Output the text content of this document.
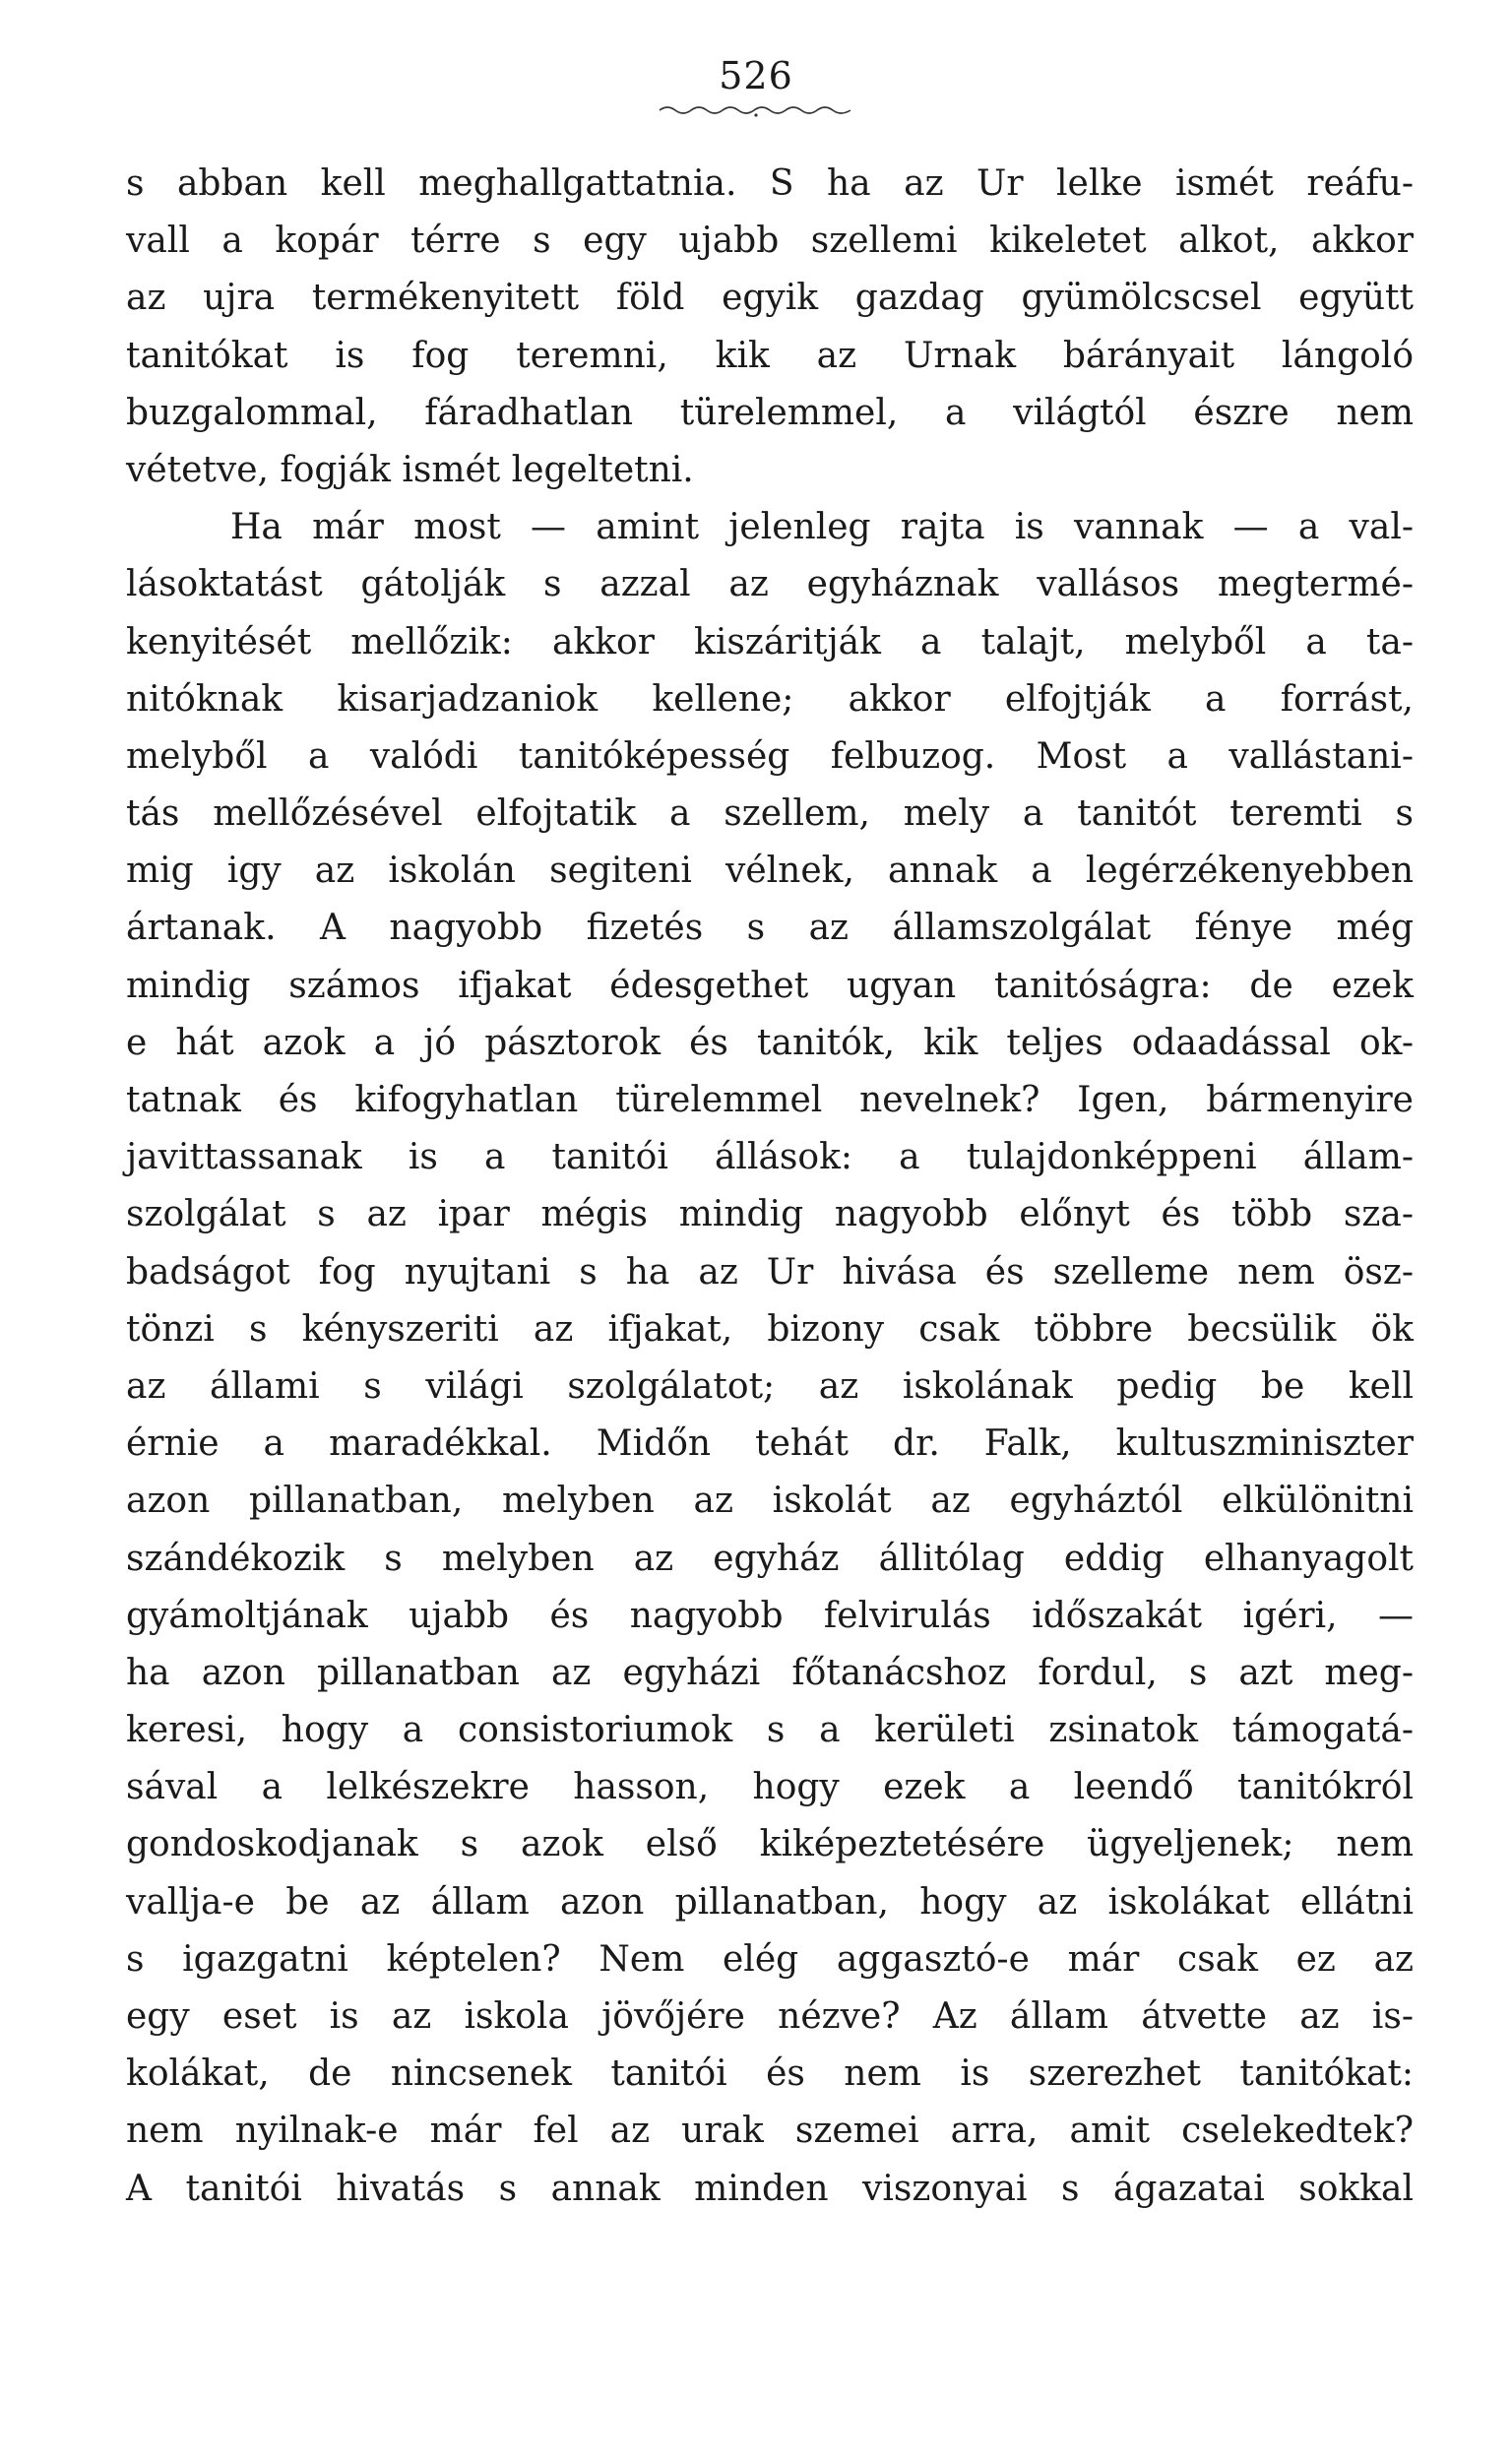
526
s abban kell meghallgattatnia. S ha az Ur lelke ismét reáfu-
vall a kopár térre s egy ujabb szellemi kikeletet alkot, akkor
az ujra termékenyitett föld egyik gazdag gyümölcscsel együtt
tanitókat is fog teremni, kik az Urnak bárányait lángoló
buzgalommal, fáradhatlan türelemmel, a világtól észre nem
vétetve, fogják ismét legeltetni.
Ha már most — amint jelenleg rajta is vannak — a val-
lásoktatást gátolják s azzal az egyháznak vallásos megtermé-
kenyitését mellőzik: akkor kiszáritják a talajt, melyből a ta-
nitóknak kisarjadzaniok kellene; akkor elfojtják a forrást,
melyből a valódi tanitóképesség felbuzog. Most a vallástani-
tás mellőzésével elfojtatik a szellem, mely a tanitót teremti s
mig igy az iskolán segiteni vélnek, annak a legérzékenyebben
ártanak. A nagyobb fizetés s az államszolgálat fénye még
mindig számos ifjakat édesgethet ugyan tanitóságra: de ezek
e hát azok a jó pásztorok és tanitók, kik teljes odaadással ok-
tatnak és kifogyhatlan türelemmel nevelnek? Igen, bármenyire
javittassanak is a tanitói állások: a tulajdonképpeni állam-
szolgálat s az ipar mégis mindig nagyobb előnyt és több sza-
badságot fog nyujtani s ha az Ur hivása és szelleme nem ösz-
tönzi s kényszeriti az ifjakat, bizony csak többre becsülik ök
az állami s világi szolgálatot; az iskolának pedig be kell
érnie a maradékkal. Midőn tehát dr. Falk, kultuszminiszter
azon pillanatban, melyben az iskolát az egyháztól elkülönitni
szándékozik s melyben az egyház állitólag eddig elhanyagolt
gyámoltjának ujabb és nagyobb felvirulás időszakát igéri, —
ha azon pillanatban az egyházi főtanácshoz fordul, s azt meg-
keresi, hogy a consistoriumok s a kerületi zsinatok támogatá-
sával a lelkészekre hasson, hogy ezek a leendő tanitókról
gondoskodjanak s azok első kiképeztetésére ügyeljenek; nem
vallja-e be az állam azon pillanatban, hogy az iskolákat ellátni
s igazgatni képtelen? Nem elég aggasztó-e már csak ez az
egy eset is az iskola jövőjére nézve? Az állam átvette az is-
kolákat, de nincsenek tanitói és nem is szerezhet tanitókat:
nem nyilnak-e már fel az urak szemei arra, amit cselekedtek?
A tanitói hivatás s annak minden viszonyai s ágazatai sokkal
